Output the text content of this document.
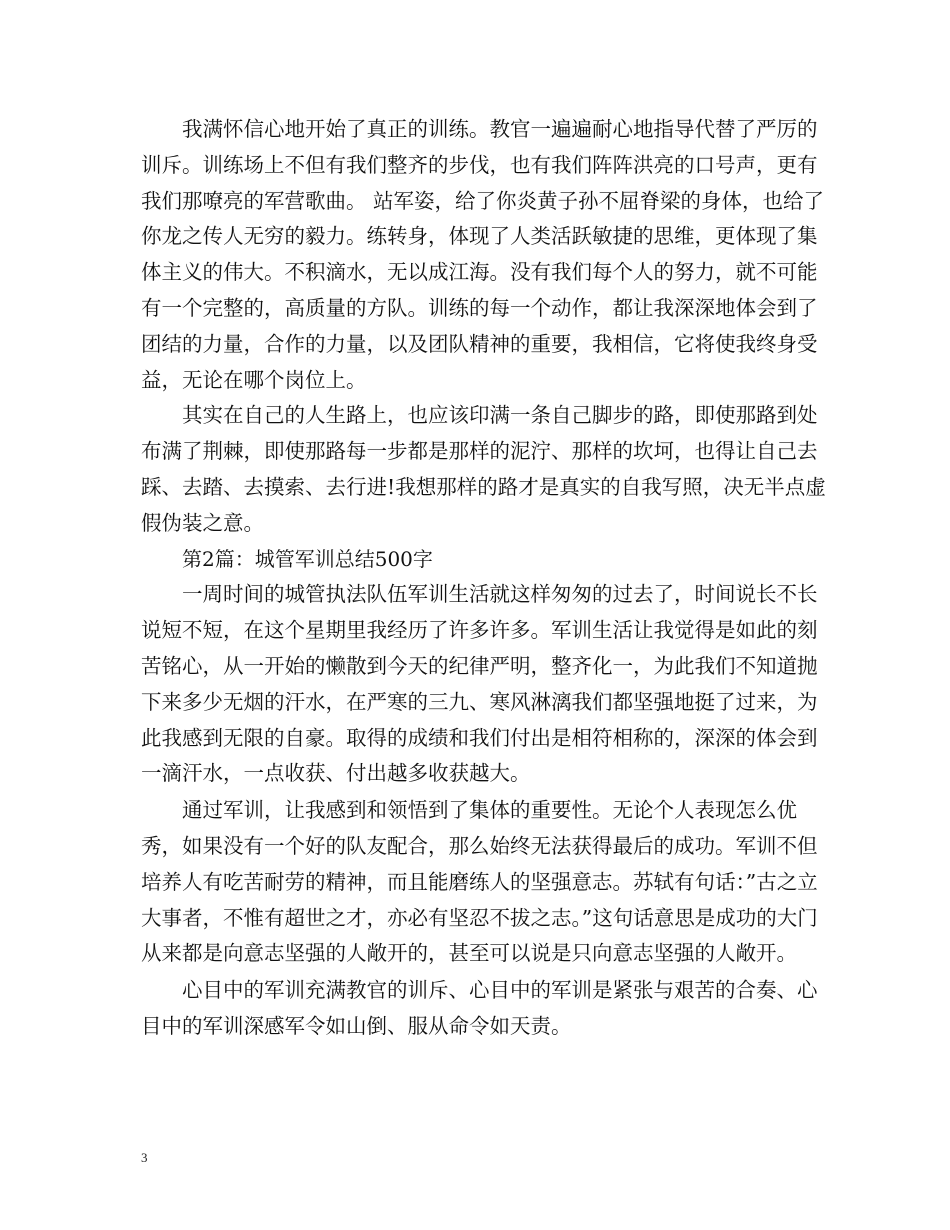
我满怀信心地开始了真正的训练。教官一遍遍耐心地指导代替了严厉的训斥。训练场上不但有我们整齐的步伐，也有我们阵阵洪亮的口号声，更有我们那嘹亮的军营歌曲。 站军姿，给了你炎黄子孙不屈脊梁的身体，也给了你龙之传人无穷的毅力。练转身，体现了人类活跃敏捷的思维，更体现了集体主义的伟大。不积滴水，无以成江海。没有我们每个人的努力，就不可能有一个完整的，高质量的方队。训练的每一个动作，都让我深深地体会到了团结的力量，合作的力量，以及团队精神的重要，我相信，它将使我终身受益，无论在哪个岗位上。

其实在自己的人生路上，也应该印满一条自己脚步的路，即使那路到处布满了荆棘，即使那路每一步都是那样的泥泞、那样的坎坷，也得让自己去踩、去踏、去摸索、去行进!我想那样的路才是真实的自我写照，决无半点虚假伪装之意。

第2篇：城管军训总结500字

一周时间的城管执法队伍军训生活就这样匆匆的过去了，时间说长不长说短不短，在这个星期里我经历了许多许多。军训生活让我觉得是如此的刻苦铭心，从一开始的懒散到今天的纪律严明，整齐化一，为此我们不知道抛下来多少无烟的汗水，在严寒的三九、寒风淋漓我们都坚强地挺了过来，为此我感到无限的自豪。取得的成绩和我们付出是相符相称的，深深的体会到一滴汗水，一点收获、付出越多收获越大。

通过军训，让我感到和领悟到了集体的重要性。无论个人表现怎么优秀，如果没有一个好的队友配合，那么始终无法获得最后的成功。军训不但培养人有吃苦耐劳的精神，而且能磨练人的坚强意志。苏轼有句话：”古之立大事者，不惟有超世之才，亦必有坚忍不拔之志。”这句话意思是成功的大门从来都是向意志坚强的人敞开的，甚至可以说是只向意志坚强的人敞开。

心目中的军训充满教官的训斥、心目中的军训是紧张与艰苦的合奏、心目中的军训深感军令如山倒、服从命令如天责。

3
